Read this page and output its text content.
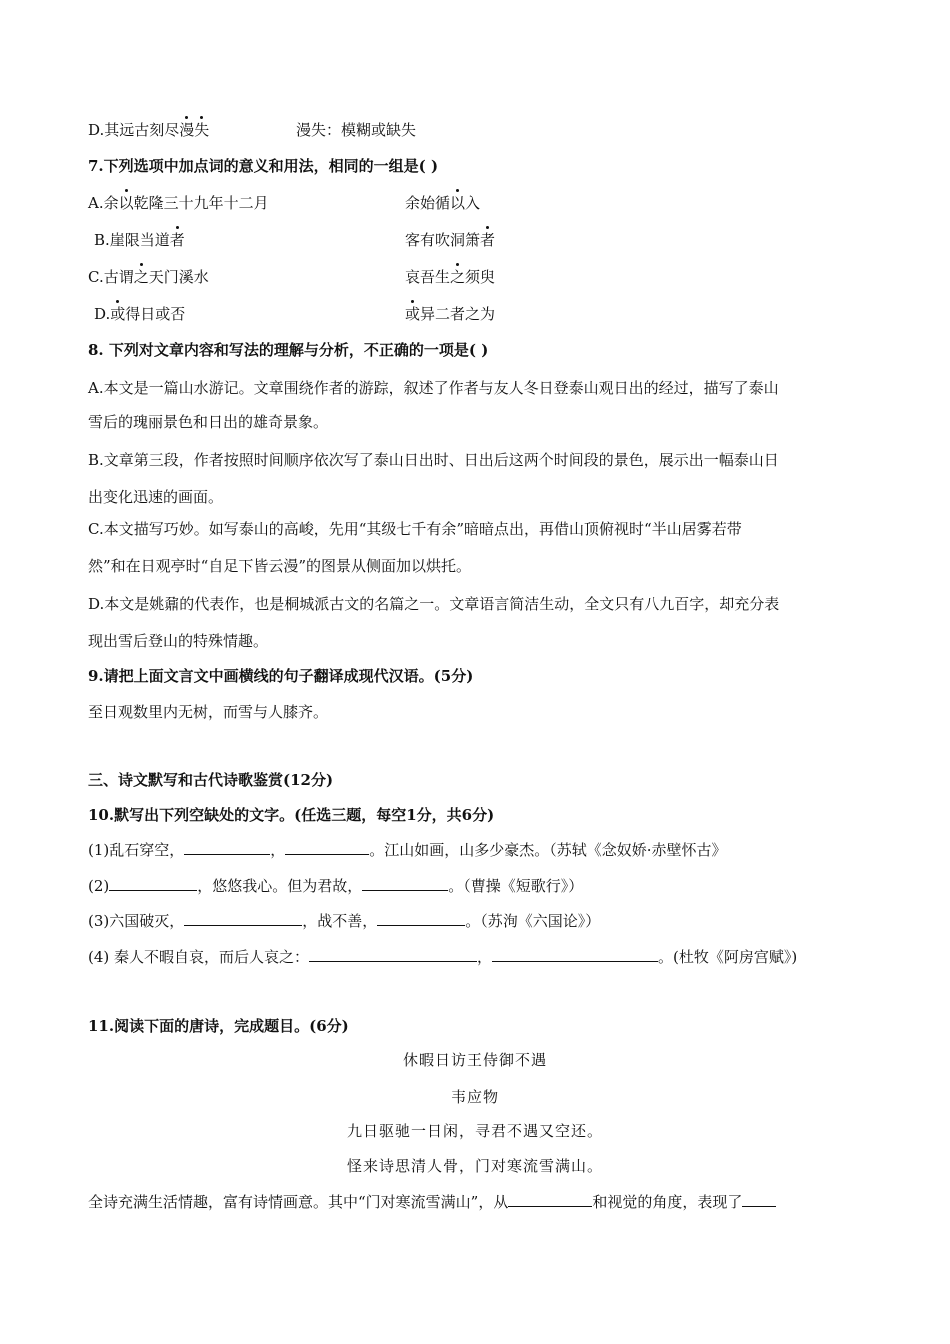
D.其远古刻尽漫失	漫失：模糊或缺失
7.下列选项中加点词的意义和用法，相同的一组是( )
A.余以乾隆三十九年十二月	余始循以入
B.崖限当道者	客有吹洞箫者
C.古谓之天门溪水	哀吾生之须臾
D.或得日或否	或异二者之为
8. 下列对文章内容和写法的理解与分析，不正确的一项是( )
A.本文是一篇山水游记。文章围绕作者的游踪，叙述了作者与友人冬日登泰山观日出的经过，描写了泰山
雪后的瑰丽景色和日出的雄奇景象。
B.文章第三段，作者按照时间顺序依次写了泰山日出时、日出后这两个时间段的景色，展示出一幅泰山日
出变化迅速的画面。
C.本文描写巧妙。如写泰山的高峻，先用“其级七千有余”暗暗点出，再借山顶俯视时“半山居雾若带
然”和在日观亭时“自足下皆云漫”的图景从侧面加以烘托。
D.本文是姚鼐的代表作，也是桐城派古文的名篇之一。文章语言简洁生动，全文只有八九百字，却充分表
现出雪后登山的特殊情趣。
9.请把上面文言文中画横线的句子翻译成现代汉语。(5分)
至日观数里内无树，而雪与人膝齐。
三、诗文默写和古代诗歌鉴赏(12分)
10.默写出下列空缺处的文字。(任选三题，每空1分，共6分)
(1)乱石穿空，	，	。江山如画，山多少豪杰。（苏轼《念奴娇·赤壁怀古》
(2)	，悠悠我心。但为君故，	。（曹操《短歌行》）
(3)六国破灭，	，战不善，	。（苏洵《六国论》）
(4) 秦人不暇自哀，而后人哀之：	，	。(杜牧《阿房宫赋》)
11.阅读下面的唐诗，完成题目。(6分)
休暇日访王侍御不遇
韦应物
九日驱驰一日闲，寻君不遇又空还。
怪来诗思清人骨，门对寒流雪满山。
全诗充满生活情趣，富有诗情画意。其中“门对寒流雪满山”，从	和视觉的角度，表现了
